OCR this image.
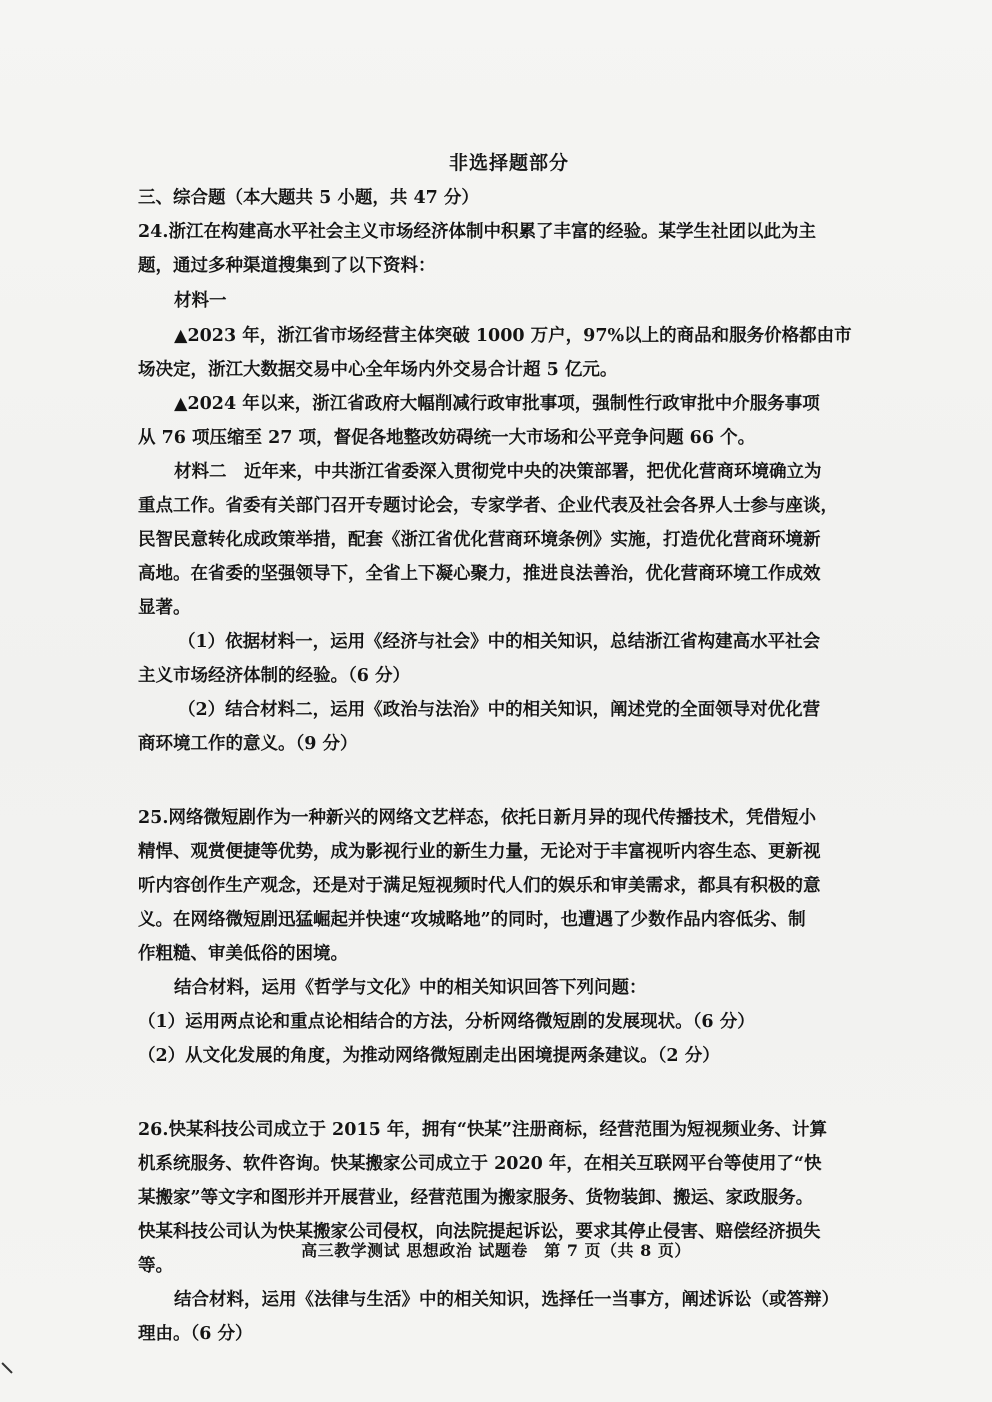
非选择题部分

三、综合题（本大题共 5 小题，共 47 分）

24.浙江在构建高水平社会主义市场经济体制中积累了丰富的经验。某学生社团以此为主

题，通过多种渠道搜集到了以下资料：

材料一

▲2023 年，浙江省市场经营主体突破 1000 万户，97%以上的商品和服务价格都由市

场决定，浙江大数据交易中心全年场内外交易合计超 5 亿元。

▲2024 年以来，浙江省政府大幅削减行政审批事项，强制性行政审批中介服务事项

从 76 项压缩至 27 项，督促各地整改妨碍统一大市场和公平竞争问题 66 个。

材料二　近年来，中共浙江省委深入贯彻党中央的决策部署，把优化营商环境确立为

重点工作。省委有关部门召开专题讨论会，专家学者、企业代表及社会各界人士参与座谈，

民智民意转化成政策举措，配套《浙江省优化营商环境条例》实施，打造优化营商环境新

高地。在省委的坚强领导下，全省上下凝心聚力，推进良法善治，优化营商环境工作成效

显著。

（1）依据材料一，运用《经济与社会》中的相关知识，总结浙江省构建高水平社会

主义市场经济体制的经验。（6 分）

（2）结合材料二，运用《政治与法治》中的相关知识，阐述党的全面领导对优化营

商环境工作的意义。（9 分）

25.网络微短剧作为一种新兴的网络文艺样态，依托日新月异的现代传播技术，凭借短小

精悍、观赏便捷等优势，成为影视行业的新生力量，无论对于丰富视听内容生态、更新视

听内容创作生产观念，还是对于满足短视频时代人们的娱乐和审美需求，都具有积极的意

义。在网络微短剧迅猛崛起并快速“攻城略地”的同时，也遭遇了少数作品内容低劣、制

作粗糙、审美低俗的困境。

结合材料，运用《哲学与文化》中的相关知识回答下列问题：

（1）运用两点论和重点论相结合的方法，分析网络微短剧的发展现状。（6 分）

（2）从文化发展的角度，为推动网络微短剧走出困境提两条建议。（2 分）

26.快某科技公司成立于 2015 年，拥有“快某”注册商标，经营范围为短视频业务、计算

机系统服务、软件咨询。快某搬家公司成立于 2020 年，在相关互联网平台等使用了“快

某搬家”等文字和图形并开展营业，经营范围为搬家服务、货物装卸、搬运、家政服务。

快某科技公司认为快某搬家公司侵权，向法院提起诉讼，要求其停止侵害、赔偿经济损失

等。

结合材料，运用《法律与生活》中的相关知识，选择任一当事方，阐述诉讼（或答辩）

理由。（6 分）

高三教学测试 思想政治 试题卷　第 7 页（共 8 页）
